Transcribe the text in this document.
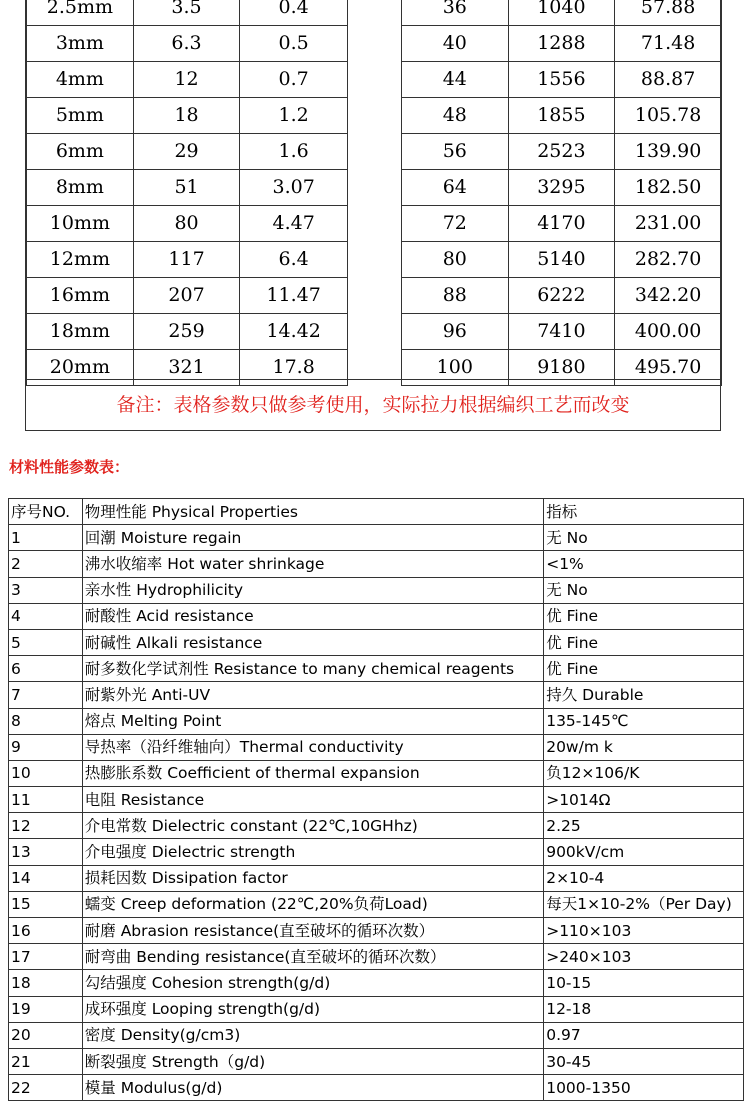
2.5mm	3.5	0.4
3mm	6.3	0.5
4mm	12	0.7
5mm	18	1.2
6mm	29	1.6
8mm	51	3.07
10mm	80	4.47
12mm	117	6.4
16mm	207	11.47
18mm	259	14.42
20mm	321	17.8
36	1040	57.88
40	1288	71.48
44	1556	88.87
48	1855	105.78
56	2523	139.90
64	3295	182.50
72	4170	231.00
80	5140	282.70
88	6222	342.20
96	7410	400.00
100	9180	495.70
备注：表格参数只做参考使用，实际拉力根据编织工艺而改变
材料性能参数表：
序号NO.	物理性能 Physical Properties	指标
1	回潮 Moisture regain	无 No
2	沸水收缩率 Hot water shrinkage	<1%
3	亲水性 Hydrophilicity	无 No
4	耐酸性 Acid resistance	优 Fine
5	耐碱性 Alkali resistance	优 Fine
6	耐多数化学试剂性 Resistance to many chemical reagents	优 Fine
7	耐紫外光 Anti-UV	持久 Durable
8	熔点 Melting Point	135-145℃
9	导热率（沿纤维轴向）Thermal conductivity	20w/m k
10	热膨胀系数 Coefficient of thermal expansion	负12×106/K
11	电阻 Resistance	>1014Ω
12	介电常数 Dielectric constant (22℃,10GHhz)	2.25
13	介电强度 Dielectric strength	900kV/cm
14	损耗因数 Dissipation factor	2×10-4
15	蠕变 Creep deformation (22℃,20%负荷Load)	每天1×10-2%（Per Day)
16	耐磨 Abrasion resistance(直至破坏的循环次数）	>110×103
17	耐弯曲 Bending resistance(直至破坏的循环次数）	>240×103
18	勾结强度 Cohesion strength(g/d)	10-15
19	成环强度 Looping strength(g/d)	12-18
20	密度 Density(g/cm3)	0.97
21	断裂强度 Strength（g/d)	30-45
22	模量 Modulus(g/d)	1000-1350
